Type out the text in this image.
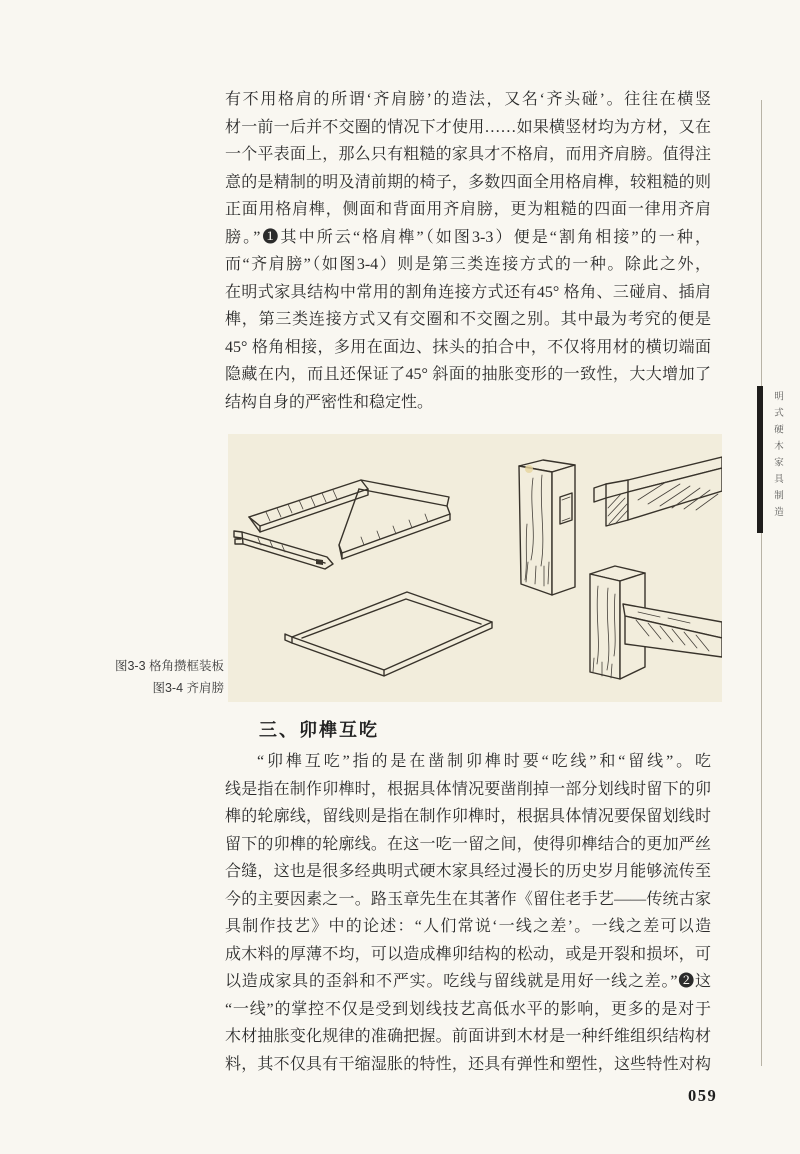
有不用格肩的所谓‘齐肩膀’的造法，又名‘齐头碰’。往往在横竖
材一前一后并不交圈的情况下才使用……如果横竖材均为方材，又在
一个平表面上，那么只有粗糙的家具才不格肩，而用齐肩膀。值得注
意的是精制的明及清前期的椅子，多数四面全用格肩榫，较粗糙的则
正面用格肩榫，侧面和背面用齐肩膀，更为粗糙的四面一律用齐肩
膀。”❶其中所云“格肩榫”（如图3-3）便是“割角相接”的一种，
而“齐肩膀”（如图3-4）则是第三类连接方式的一种。除此之外，
在明式家具结构中常用的割角连接方式还有45° 格角、三碰肩、插肩
榫，第三类连接方式又有交圈和不交圈之别。其中最为考究的便是
45° 格角相接，多用在面边、抹头的拍合中，不仅将用材的横切端面
隐藏在内，而且还保证了45° 斜面的抽胀变形的一致性，大大增加了
结构自身的严密性和稳定性。
图3-3 格角攒框装板
图3-4 齐肩膀
三、卯榫互吃
“卯榫互吃”指的是在凿制卯榫时要“吃线”和“留线”。吃
线是指在制作卯榫时，根据具体情况要凿削掉一部分划线时留下的卯
榫的轮廓线，留线则是指在制作卯榫时，根据具体情况要保留划线时
留下的卯榫的轮廓线。在这一吃一留之间，使得卯榫结合的更加严丝
合缝，这也是很多经典明式硬木家具经过漫长的历史岁月能够流传至
今的主要因素之一。路玉章先生在其著作《留住老手艺——传统古家
具制作技艺》中的论述：“人们常说‘一线之差’。一线之差可以造
成木料的厚薄不均，可以造成榫卯结构的松动，或是开裂和损坏，可
以造成家具的歪斜和不严实。吃线与留线就是用好一线之差。”❷这
“一线”的掌控不仅是受到划线技艺高低水平的影响，更多的是对于
木材抽胀变化规律的准确把握。前面讲到木材是一种纤维组织结构材
料，其不仅具有干缩湿胀的特性，还具有弹性和塑性，这些特性对构
明式硬木家具制造
059
